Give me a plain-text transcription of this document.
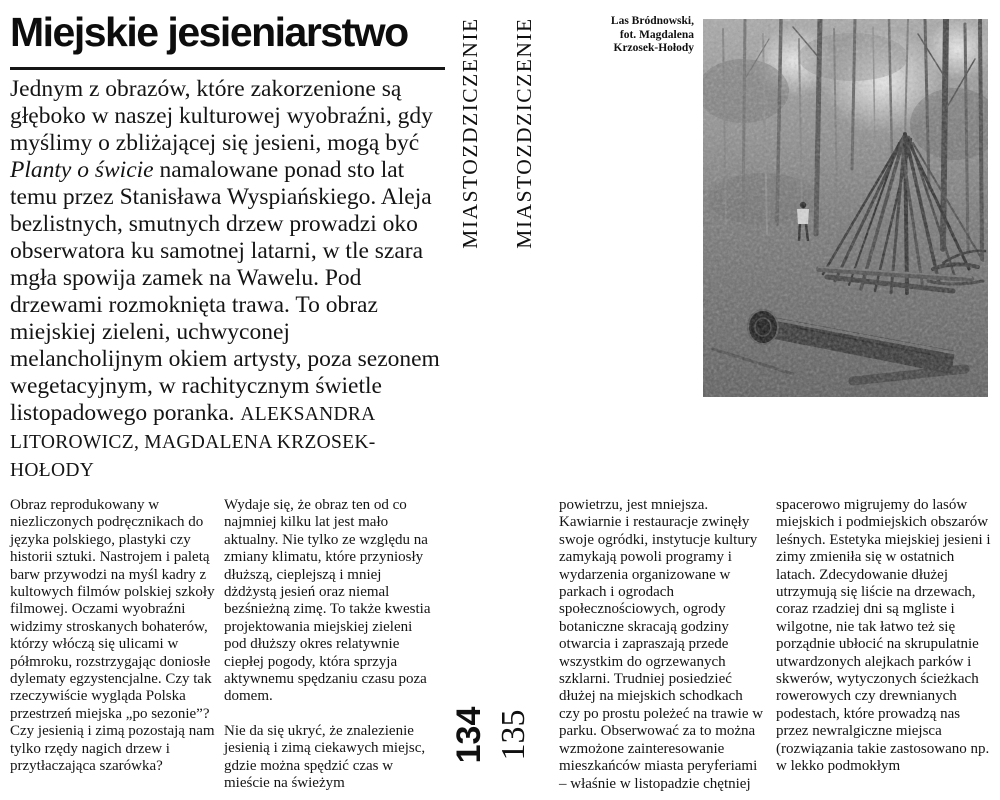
Miejskie jesieniarstwo
Jednym z obrazów, które zakorzenione są głęboko w naszej kulturowej wyobraźni, gdy myślimy o zbliżającej się jesieni, mogą być Planty o świcie namalowane ponad sto lat temu przez Stanisława Wyspiańskiego. Aleja bezlistnych, smutnych drzew prowadzi oko obserwatora ku samotnej latarni, w tle szara mgła spowija zamek na Wawelu. Pod drzewami rozmoknięta trawa. To obraz miejskiej zieleni, uchwyconej melancholijnym okiem artysty, poza sezonem wegetacyjnym, w rachitycznym świetle listopadowego poranka. ALEKSANDRA LITOROWICZ, MAGDALENA KRZOSEK-HOŁODY
MIASTOZDZICZENIE MIASTOZDZICZENIE	Las Bródnowski,
fot. Magdalena
Krzosek-Hołody

Obraz reprodukowany w niezliczonych podręcznikach do języka polskiego, plastyki czy historii sztuki. Nastrojem i paletą barw przywodzi na myśl kadry z kultowych filmów polskiej szkoły filmowej. Oczami wyobraźni widzimy stroskanych bohaterów, którzy włóczą się ulicami w półmroku, rozstrzygając doniosłe dylematy egzystencjalne. Czy tak rzeczywiście wygląda Polska przestrzeń miejska „po sezonie”? Czy jesienią i zimą pozostają nam tylko rzędy nagich drzew i przytłaczająca szarówka?

Wydaje się, że obraz ten od co najmniej kilku lat jest mało aktualny. Nie tylko ze względu na zmiany klimatu, które przyniosły dłuższą, cieplejszą i mniej dżdżystą jesień oraz niemal bezśnieżną zimę. To także kwestia projektowania miejskiej zieleni pod dłuższy okres relatywnie ciepłej pogody, która sprzyja aktywnemu spędzaniu czasu poza domem.

Nie da się ukryć, że znalezienie jesienią i zimą ciekawych miejsc, gdzie można spędzić czas w mieście na świeżym

powietrzu, jest mniejsza. Kawiarnie i restauracje zwinęły swoje ogródki, instytucje kultury zamykają powoli programy i wydarzenia organizowane w parkach i ogrodach społecznościowych, ogrody botaniczne skracają godziny otwarcia i zapraszają przede wszystkim do ogrzewanych szklarni. Trudniej posiedzieć dłużej na miejskich schodkach czy po prostu poleżeć na trawie w parku. Obserwować za to można wzmożone zainteresowanie mieszkańców miasta peryferiami – właśnie w listopadzie chętniej

spacerowo migrujemy do lasów miejskich i podmiejskich obszarów leśnych. Estetyka miejskiej jesieni i zimy zmieniła się w ostatnich latach. Zdecydowanie dłużej utrzymują się liście na drzewach, coraz rzadziej dni są mgliste i wilgotne, nie tak łatwo też się porządnie ubłocić na skrupulatnie utwardzonych alejkach parków i skwerów, wytyczonych ścieżkach rowerowych czy drewnianych podestach, które prowadzą nas przez newralgiczne miejsca (rozwiązania takie zastosowano np. w lekko podmokłym

134 135
